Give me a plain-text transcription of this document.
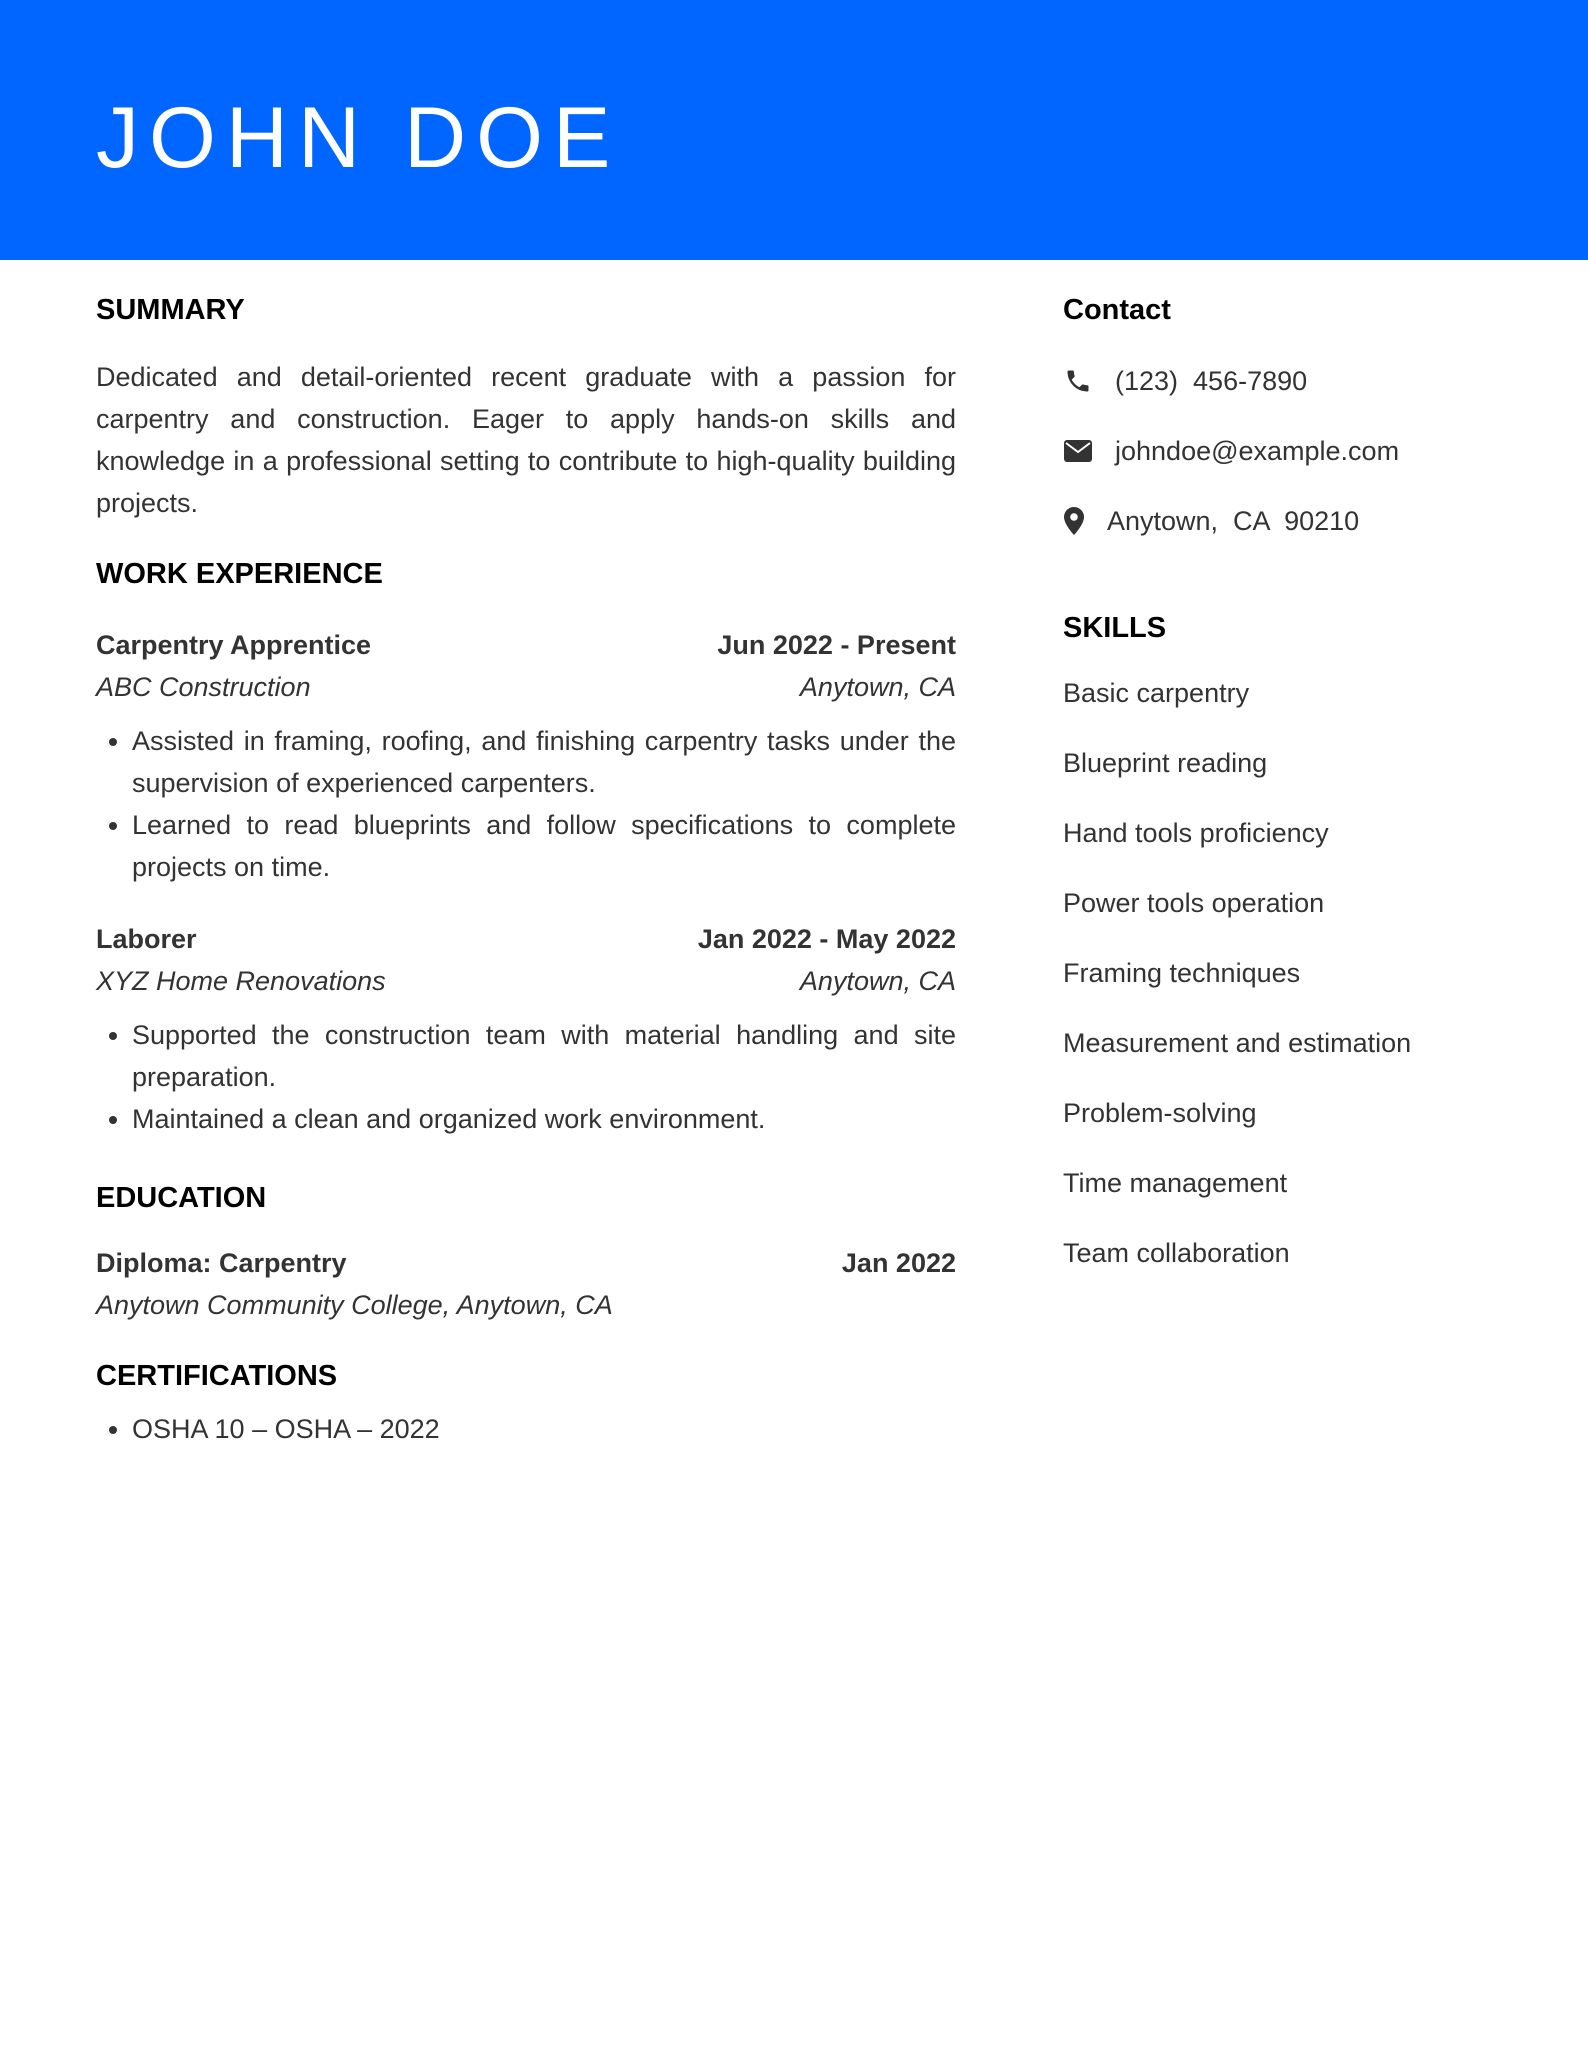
JOHN DOE
SUMMARY

Dedicated and detail-oriented recent graduate with a passion for carpentry and construction. Eager to apply hands-on skills and knowledge in a professional setting to contribute to high-quality building projects.

WORK EXPERIENCE
Carpentry Apprentice	Jun 2022 - Present
ABC Construction	Anytown, CA
• Assisted in framing, roofing, and finishing carpentry tasks under the supervision of experienced carpenters.
• Learned to read blueprints and follow specifications to complete projects on time.
Laborer	Jan 2022 - May 2022
XYZ Home Renovations	Anytown, CA
• Supported the construction team with material handling and site preparation.
• Maintained a clean and organized work environment.
EDUCATION
Diploma: Carpentry	Jan 2022
Anytown Community College, Anytown, CA
CERTIFICATIONS
• OSHA 10 – OSHA – 2022
Contact
(123)  456-7890
johndoe@example.com
Anytown,  CA  90210
SKILLS
Basic carpentry
Blueprint reading
Hand tools proficiency
Power tools operation
Framing techniques
Measurement and estimation
Problem-solving
Time management
Team collaboration
